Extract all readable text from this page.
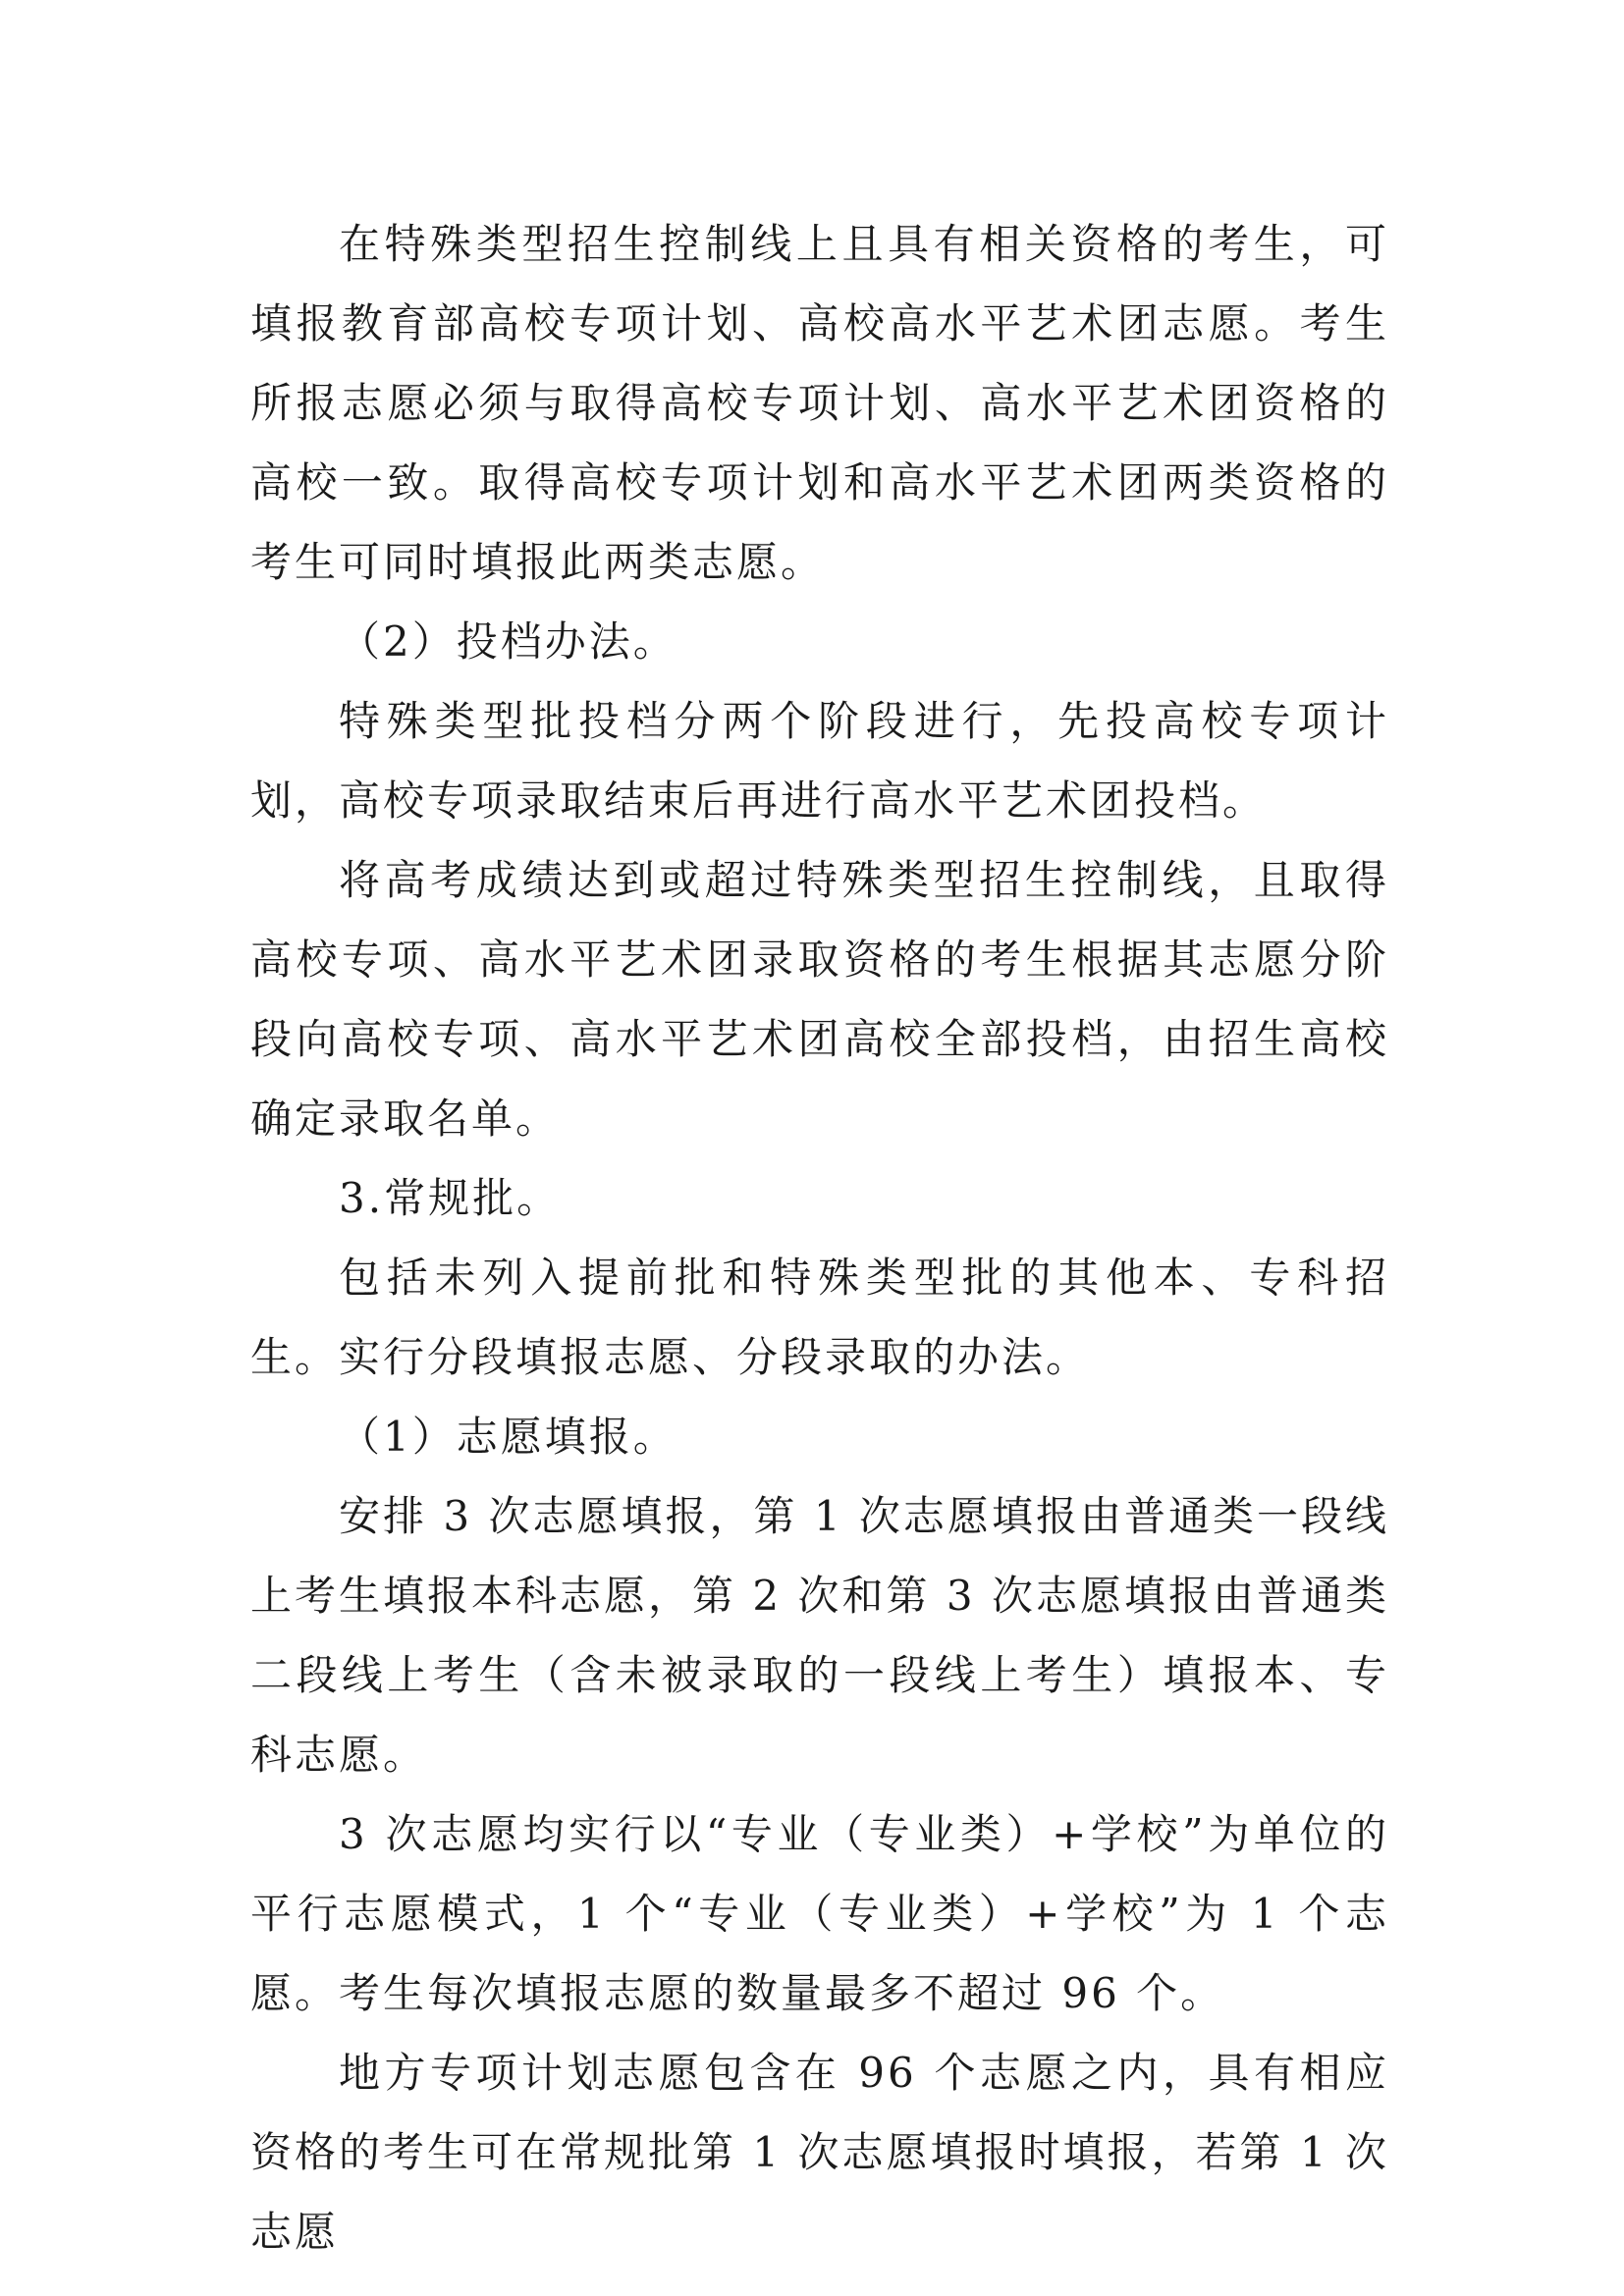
在特殊类型招生控制线上且具有相关资格的考生，可填报教育部高校专项计划、高校高水平艺术团志愿。考生所报志愿必须与取得高校专项计划、高水平艺术团资格的高校一致。取得高校专项计划和高水平艺术团两类资格的考生可同时填报此两类志愿。

（2）投档办法。

特殊类型批投档分两个阶段进行，先投高校专项计划，高校专项录取结束后再进行高水平艺术团投档。

将高考成绩达到或超过特殊类型招生控制线，且取得高校专项、高水平艺术团录取资格的考生根据其志愿分阶段向高校专项、高水平艺术团高校全部投档，由招生高校确定录取名单。

3.常规批。

包括未列入提前批和特殊类型批的其他本、专科招生。实行分段填报志愿、分段录取的办法。

（1）志愿填报。

安排 3 次志愿填报，第 1 次志愿填报由普通类一段线上考生填报本科志愿，第 2 次和第 3 次志愿填报由普通类二段线上考生（含未被录取的一段线上考生）填报本、专科志愿。

3 次志愿均实行以“专业（专业类）+学校”为单位的平行志愿模式，1 个“专业（专业类）+学校”为 1 个志愿。考生每次填报志愿的数量最多不超过 96 个。

地方专项计划志愿包含在 96 个志愿之内，具有相应资格的考生可在常规批第 1 次志愿填报时填报，若第 1 次志愿
